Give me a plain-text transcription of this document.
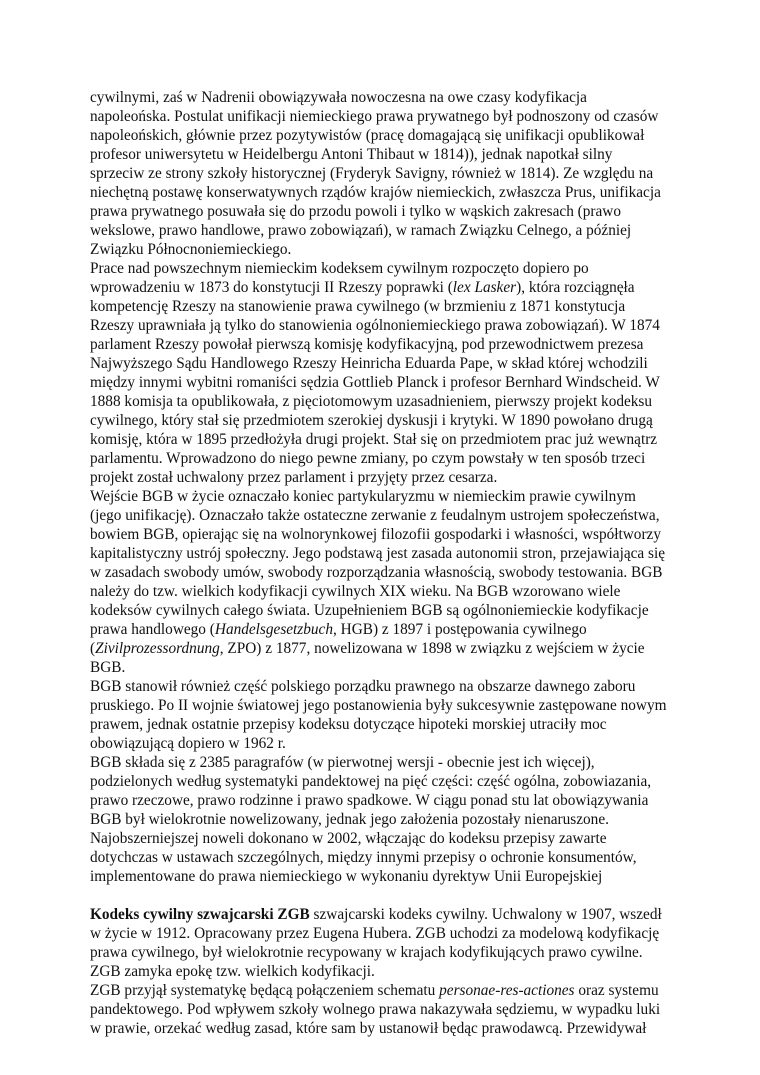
cywilnymi, zaś w Nadrenii obowiązywała nowoczesna na owe czasy kodyfikacja
napoleońska. Postulat unifikacji niemieckiego prawa prywatnego był podnoszony od czasów
napoleońskich, głównie przez pozytywistów (pracę domagającą się unifikacji opublikował
profesor uniwersytetu w Heidelbergu Antoni Thibaut w 1814)), jednak napotkał silny
sprzeciw ze strony szkoły historycznej (Fryderyk Savigny, również w 1814). Ze względu na
niechętną postawę konserwatywnych rządów krajów niemieckich, zwłaszcza Prus, unifikacja
prawa prywatnego posuwała się do przodu powoli i tylko w wąskich zakresach (prawo
wekslowe, prawo handlowe, prawo zobowiązań), w ramach Związku Celnego, a później
Związku Północnoniemieckiego.
Prace nad powszechnym niemieckim kodeksem cywilnym rozpoczęto dopiero po
wprowadzeniu w 1873 do konstytucji II Rzeszy poprawki (lex Lasker), która rozciągnęła
kompetencję Rzeszy na stanowienie prawa cywilnego (w brzmieniu z 1871 konstytucja
Rzeszy uprawniała ją tylko do stanowienia ogólnoniemieckiego prawa zobowiązań). W 1874
parlament Rzeszy powołał pierwszą komisję kodyfikacyjną, pod przewodnictwem prezesa
Najwyższego Sądu Handlowego Rzeszy Heinricha Eduarda Pape, w skład której wchodzili
między innymi wybitni romaniści sędzia Gottlieb Planck i profesor Bernhard Windscheid. W
1888 komisja ta opublikowała, z pięciotomowym uzasadnieniem, pierwszy projekt kodeksu
cywilnego, który stał się przedmiotem szerokiej dyskusji i krytyki. W 1890 powołano drugą
komisję, która w 1895 przedłożyła drugi projekt. Stał się on przedmiotem prac już wewnątrz
parlamentu. Wprowadzono do niego pewne zmiany, po czym powstały w ten sposób trzeci
projekt został uchwalony przez parlament i przyjęty przez cesarza.
Wejście BGB w życie oznaczało koniec partykularyzmu w niemieckim prawie cywilnym
(jego unifikację). Oznaczało także ostateczne zerwanie z feudalnym ustrojem społeczeństwa,
bowiem BGB, opierając się na wolnorynkowej filozofii gospodarki i własności, współtworzy
kapitalistyczny ustrój społeczny. Jego podstawą jest zasada autonomii stron, przejawiająca się
w zasadach swobody umów, swobody rozporządzania własnością, swobody testowania. BGB
należy do tzw. wielkich kodyfikacji cywilnych XIX wieku. Na BGB wzorowano wiele
kodeksów cywilnych całego świata. Uzupełnieniem BGB są ogólnoniemieckie kodyfikacje
prawa handlowego (Handelsgesetzbuch, HGB) z 1897 i postępowania cywilnego
(Zivilprozessordnung, ZPO) z 1877, nowelizowana w 1898 w związku z wejściem w życie
BGB.
BGB stanowił również część polskiego porządku prawnego na obszarze dawnego zaboru
pruskiego. Po II wojnie światowej jego postanowienia były sukcesywnie zastępowane nowym
prawem, jednak ostatnie przepisy kodeksu dotyczące hipoteki morskiej utraciły moc
obowiązującą dopiero w 1962 r.
BGB składa się z 2385 paragrafów (w pierwotnej wersji - obecnie jest ich więcej),
podzielonych według systematyki pandektowej na pięć części: część ogólna, zobowiazania,
prawo rzeczowe, prawo rodzinne i prawo spadkowe. W ciągu ponad stu lat obowiązywania
BGB był wielokrotnie nowelizowany, jednak jego założenia pozostały nienaruszone.
Najobszerniejszej noweli dokonano w 2002, włączając do kodeksu przepisy zawarte
dotychczas w ustawach szczególnych, między innymi przepisy o ochronie konsumentów,
implementowane do prawa niemieckiego w wykonaniu dyrektyw Unii Europejskiej
Kodeks cywilny szwajcarski ZGB szwajcarski kodeks cywilny. Uchwalony w 1907, wszedł
w życie w 1912. Opracowany przez Eugena Hubera. ZGB uchodzi za modelową kodyfikację
prawa cywilnego, był wielokrotnie recypowany w krajach kodyfikujących prawo cywilne.
ZGB zamyka epokę tzw. wielkich kodyfikacji.
ZGB przyjął systematykę będącą połączeniem schematu personae-res-actiones oraz systemu
pandektowego. Pod wpływem szkoły wolnego prawa nakazywała sędziemu, w wypadku luki
w prawie, orzekać według zasad, które sam by ustanowił będąc prawodawcą. Przewidywał
